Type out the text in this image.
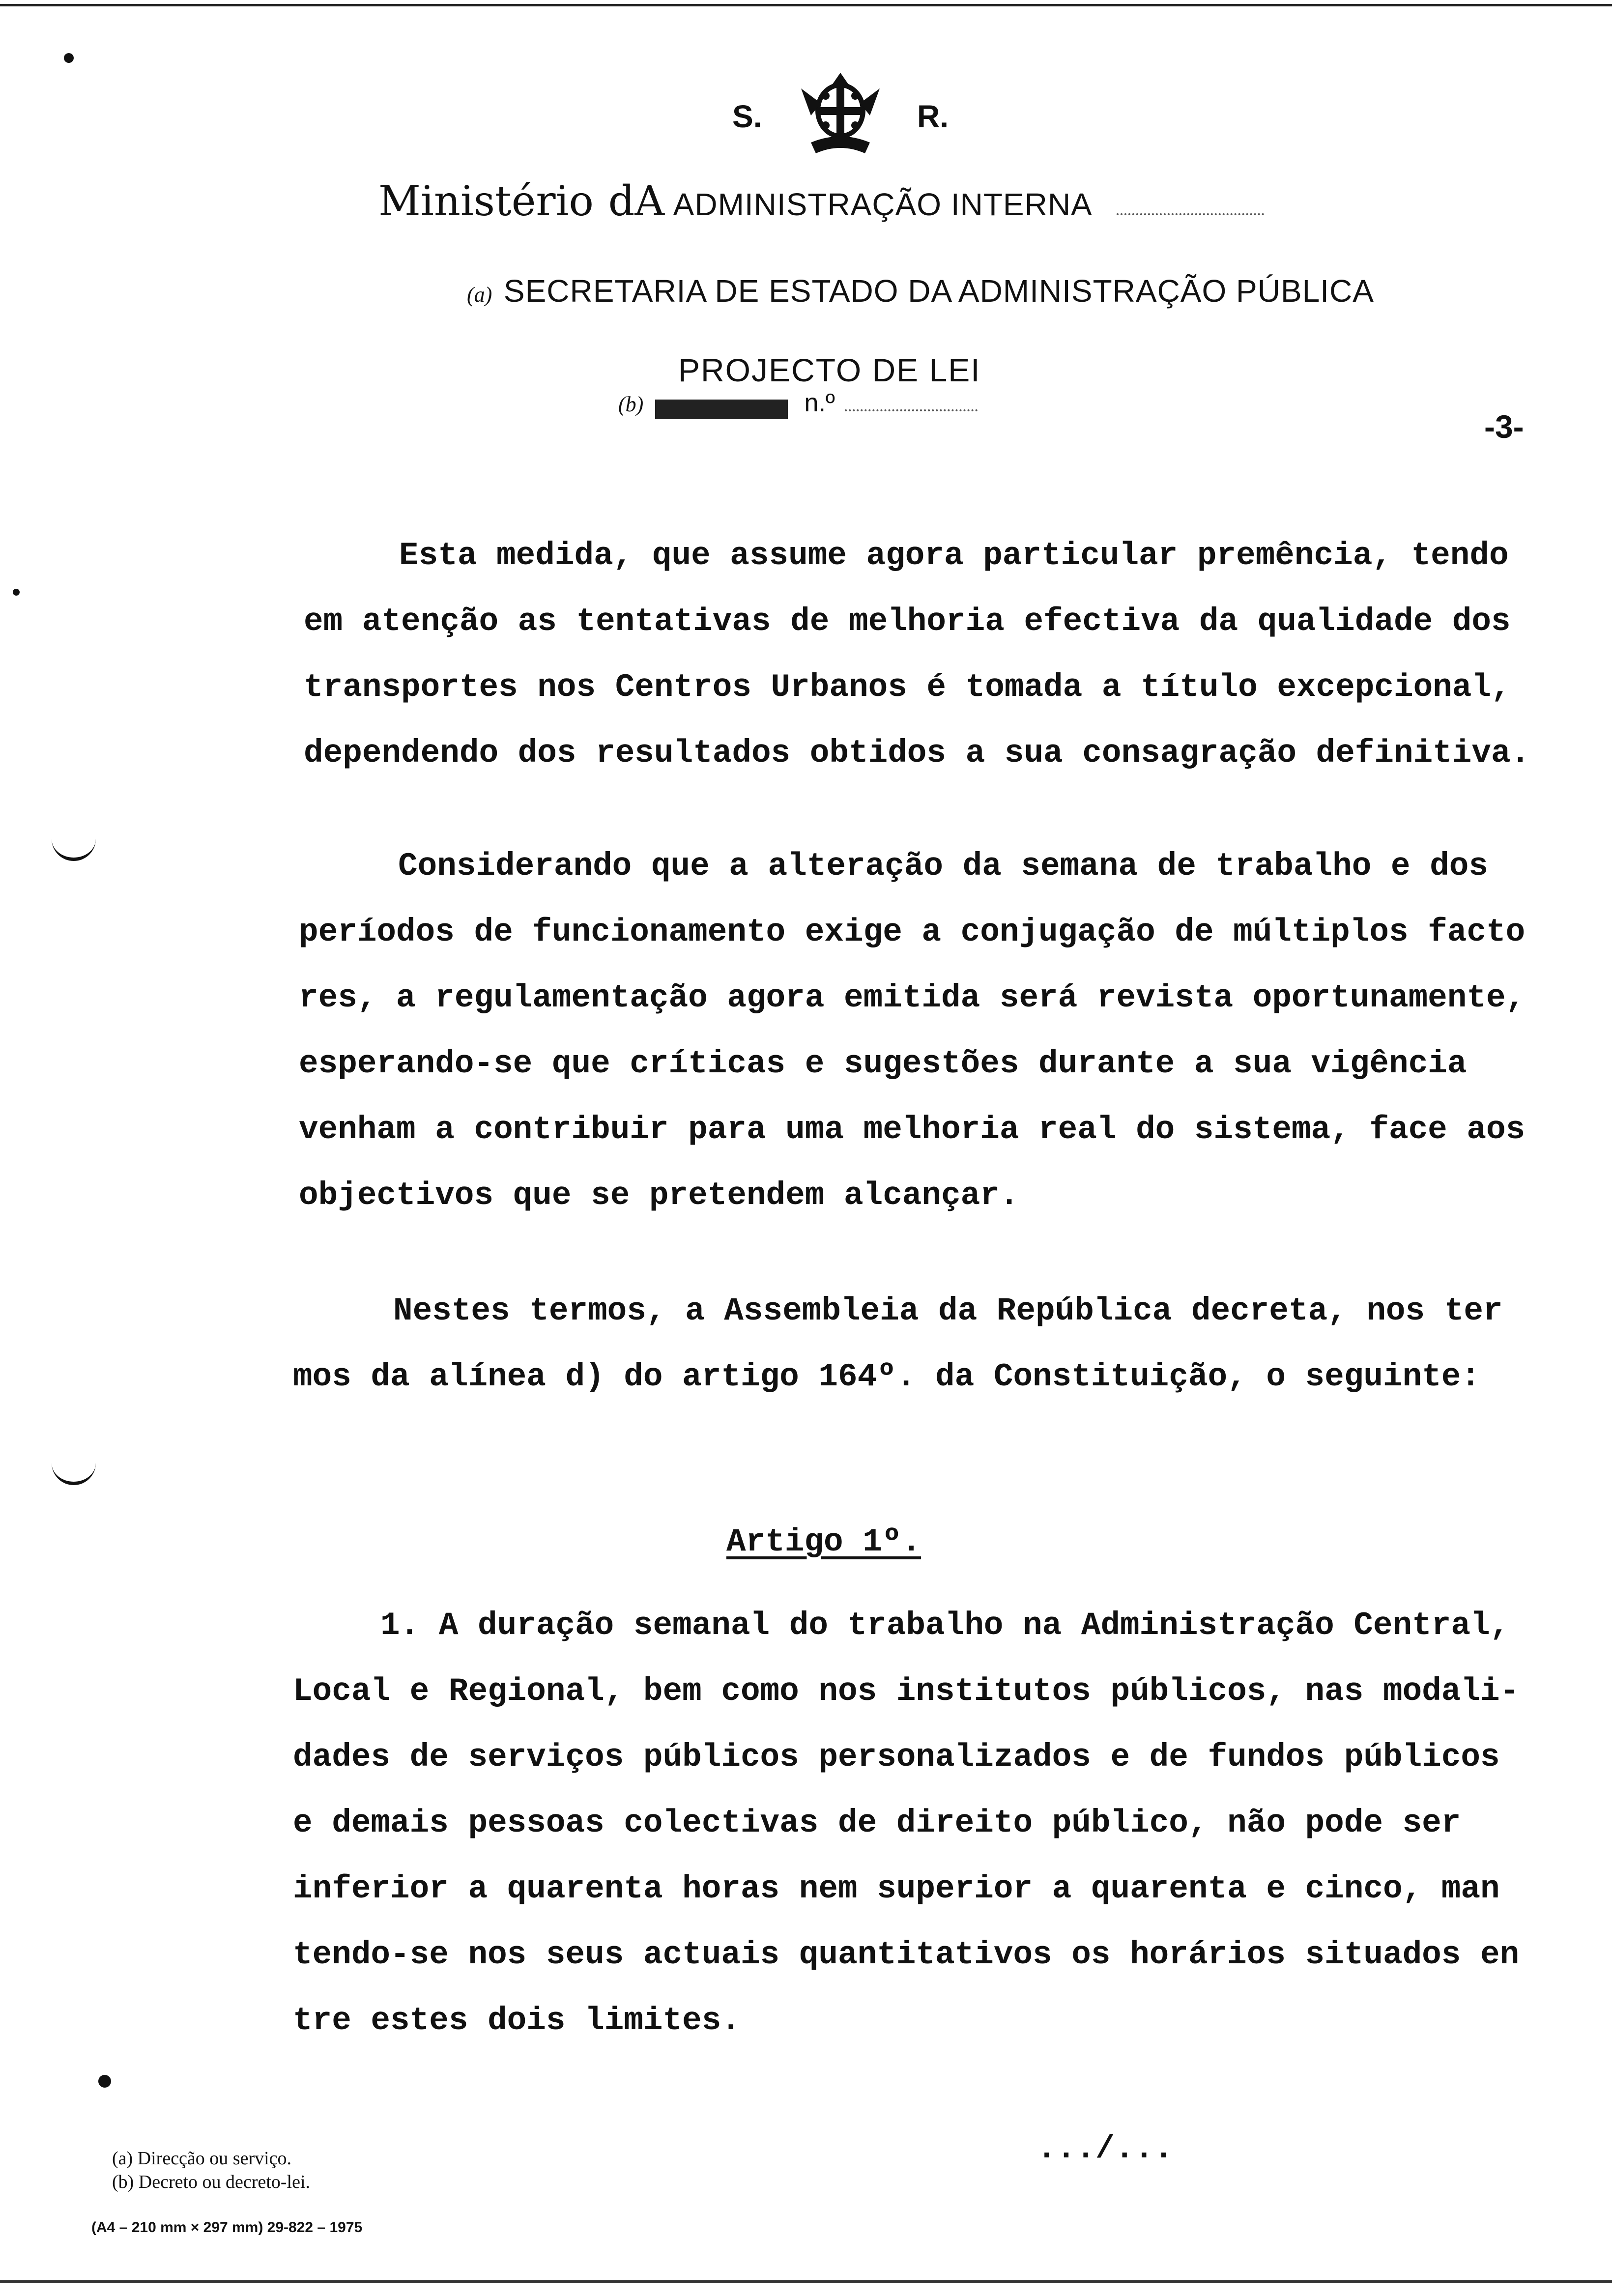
S.	R.
Ministério dA ADMINISTRAÇÃO INTERNA
(a) SECRETARIA DE ESTADO DA ADMINISTRAÇÃO PÚBLICA
PROJECTO DE LEI
(b)	n.º
-3-
Esta medida, que assume agora particular premência, tendo
em atenção as tentativas de melhoria efectiva da qualidade dos
transportes nos Centros Urbanos é tomada a título excepcional,
dependendo dos resultados obtidos a sua consagração definitiva.
Considerando que a alteração da semana de trabalho e dos
períodos de funcionamento exige a conjugação de múltiplos facto
res, a regulamentação agora emitida será revista oportunamente,
esperando-se que críticas e sugestões durante a sua vigência
venham a contribuir para uma melhoria real do sistema, face aos
objectivos que se pretendem alcançar.
Nestes termos, a Assembleia da República decreta, nos ter
mos da alínea d) do artigo 164º. da Constituição, o seguinte:
Artigo 1º.
1. A duração semanal do trabalho na Administração Central,
Local e Regional, bem como nos institutos públicos, nas modali-
dades de serviços públicos personalizados e de fundos públicos
e demais pessoas colectivas de direito público, não pode ser
inferior a quarenta horas nem superior a quarenta e cinco, man
tendo-se nos seus actuais quantitativos os horários situados en
tre estes dois limites.
.../...
(a) Direcção ou serviço.
(b) Decreto ou decreto-lei.
(A4 – 210 mm × 297 mm) 29-822 – 1975
